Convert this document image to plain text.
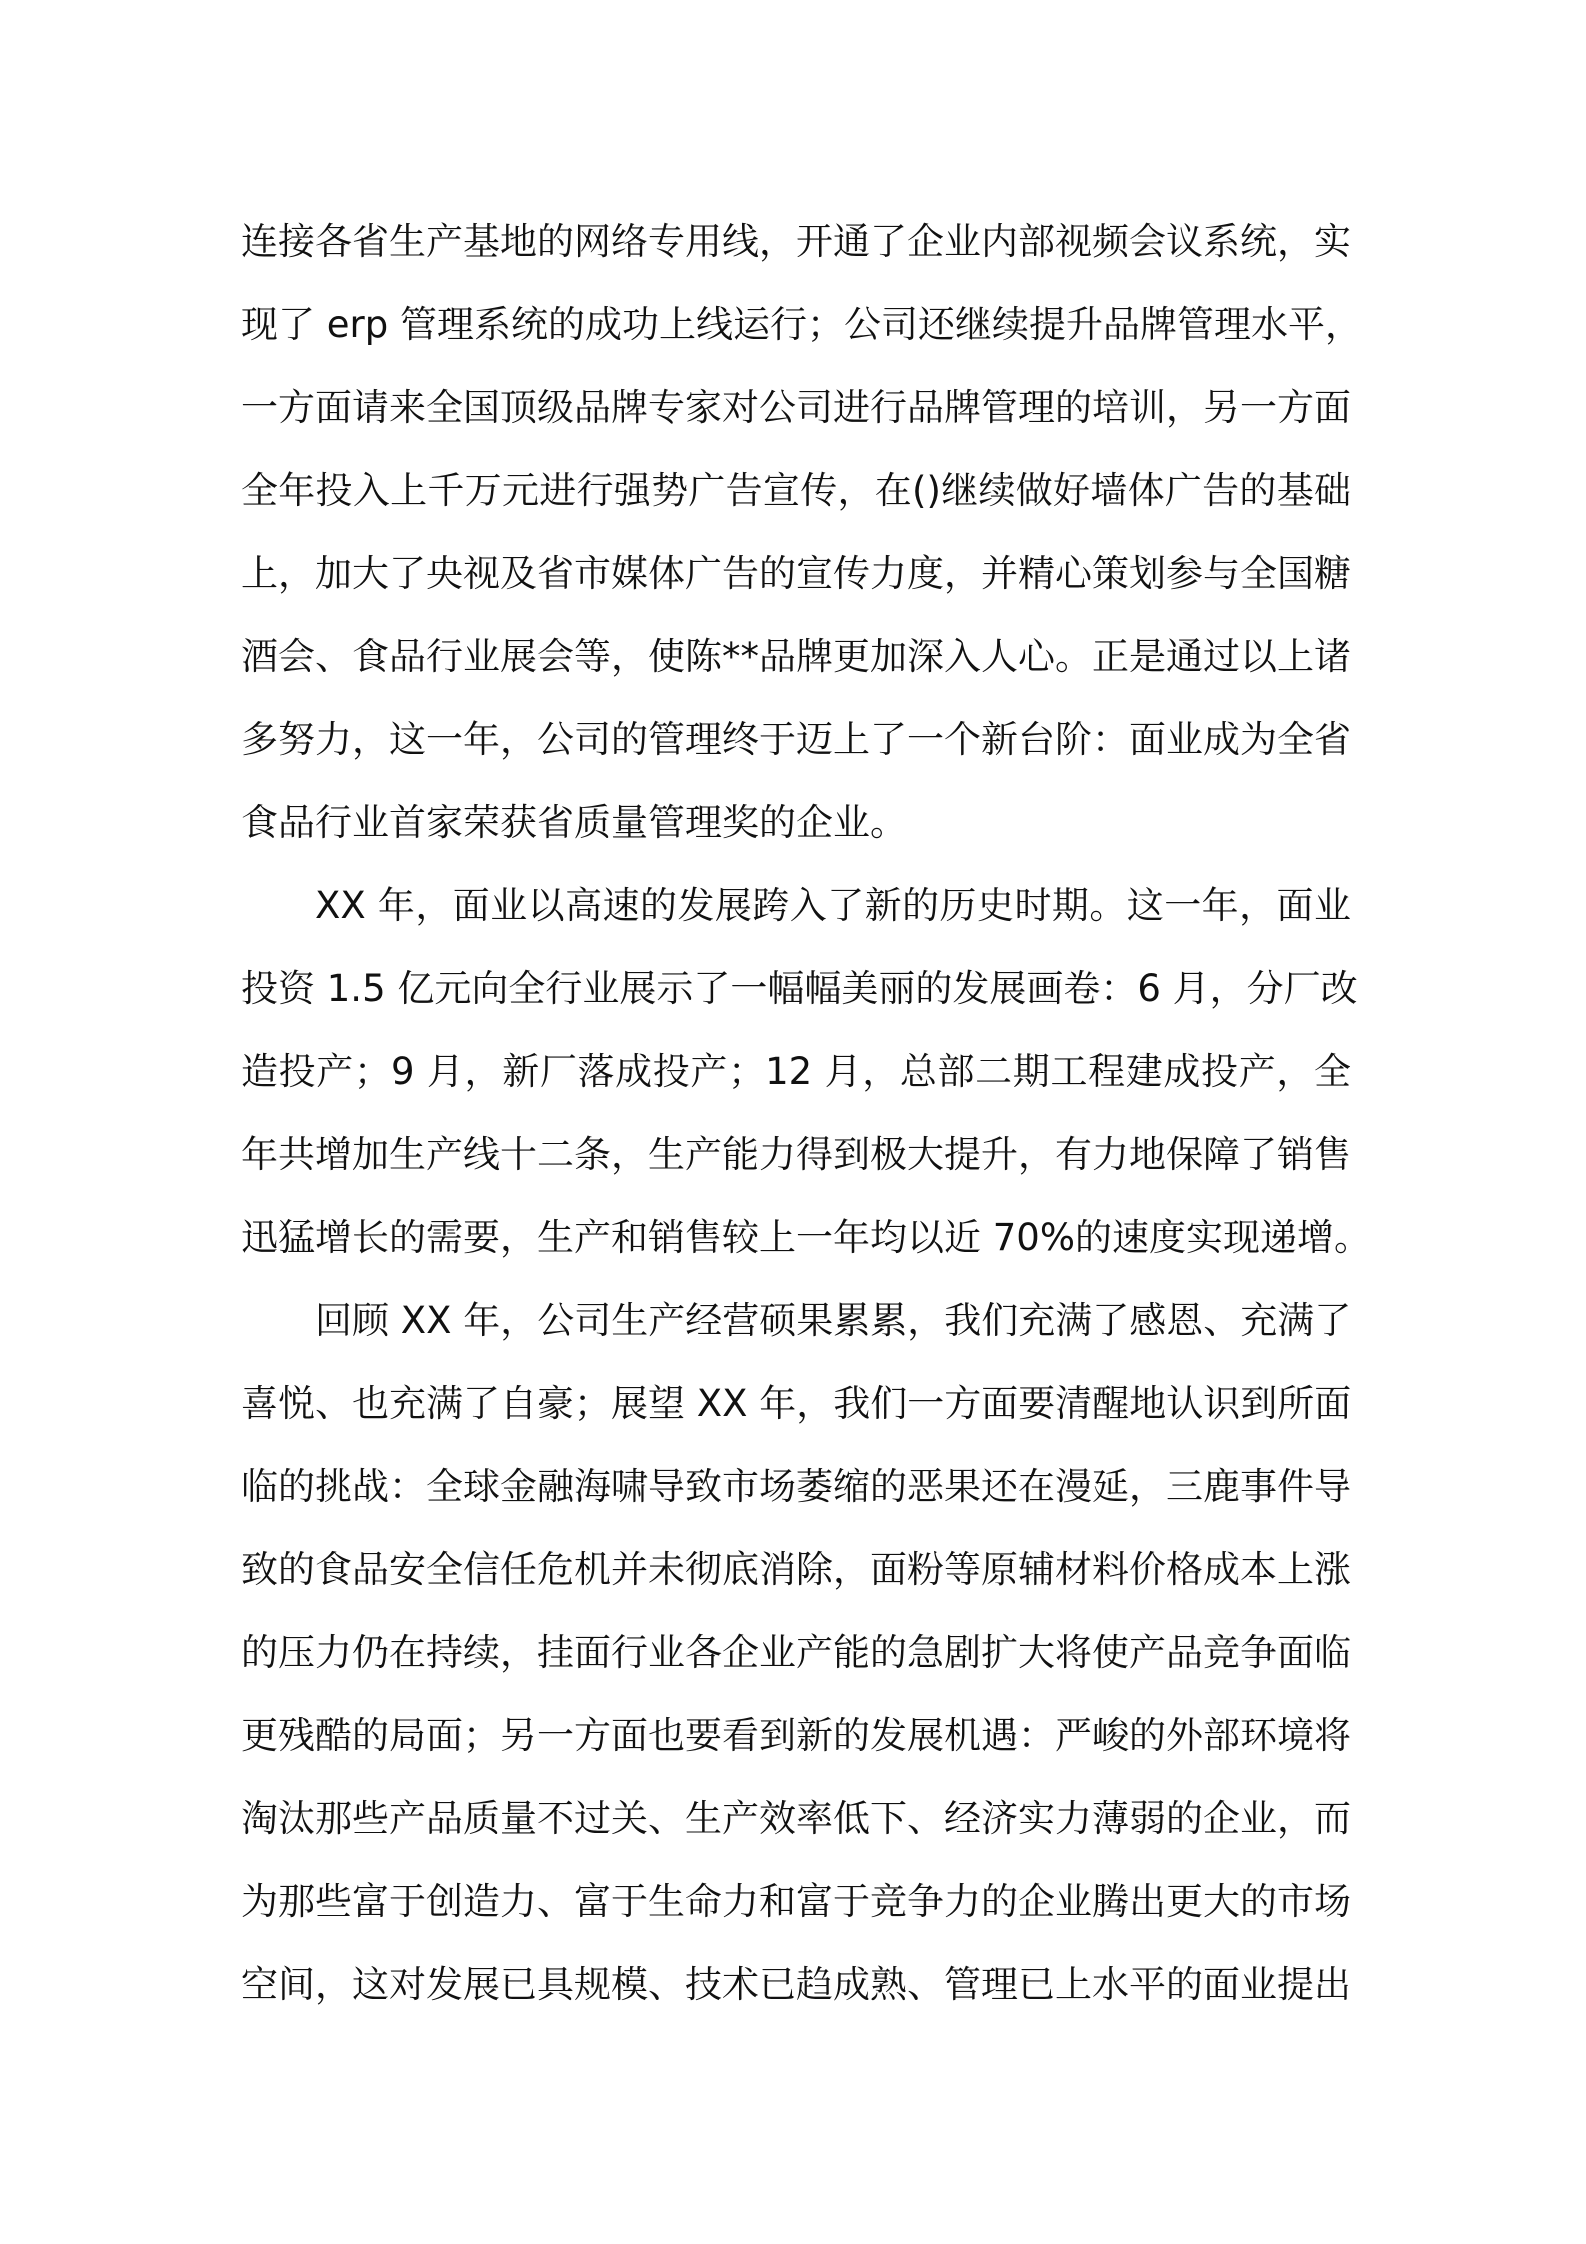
连接各省生产基地的网络专用线，开通了企业内部视频会议系统，实
现了 erp 管理系统的成功上线运行；公司还继续提升品牌管理水平，
一方面请来全国顶级品牌专家对公司进行品牌管理的培训，另一方面
全年投入上千万元进行强势广告宣传，在()继续做好墙体广告的基础
上，加大了央视及省市媒体广告的宣传力度，并精心策划参与全国糖
酒会、食品行业展会等，使陈**品牌更加深入人心。正是通过以上诸
多努力，这一年，公司的管理终于迈上了一个新台阶：面业成为全省
食品行业首家荣获省质量管理奖的企业。
XX 年，面业以高速的发展跨入了新的历史时期。这一年，面业
投资 1.5 亿元向全行业展示了一幅幅美丽的发展画卷：6 月，分厂改
造投产；9 月，新厂落成投产；12 月，总部二期工程建成投产，全
年共增加生产线十二条，生产能力得到极大提升，有力地保障了销售
迅猛增长的需要，生产和销售较上一年均以近 70%的速度实现递增。
回顾 XX 年，公司生产经营硕果累累，我们充满了感恩、充满了
喜悦、也充满了自豪；展望 XX 年，我们一方面要清醒地认识到所面
临的挑战：全球金融海啸导致市场萎缩的恶果还在漫延，三鹿事件导
致的食品安全信任危机并未彻底消除，面粉等原辅材料价格成本上涨
的压力仍在持续，挂面行业各企业产能的急剧扩大将使产品竞争面临
更残酷的局面；另一方面也要看到新的发展机遇：严峻的外部环境将
淘汰那些产品质量不过关、生产效率低下、经济实力薄弱的企业，而
为那些富于创造力、富于生命力和富于竞争力的企业腾出更大的市场
空间，这对发展已具规模、技术已趋成熟、管理已上水平的面业提出
